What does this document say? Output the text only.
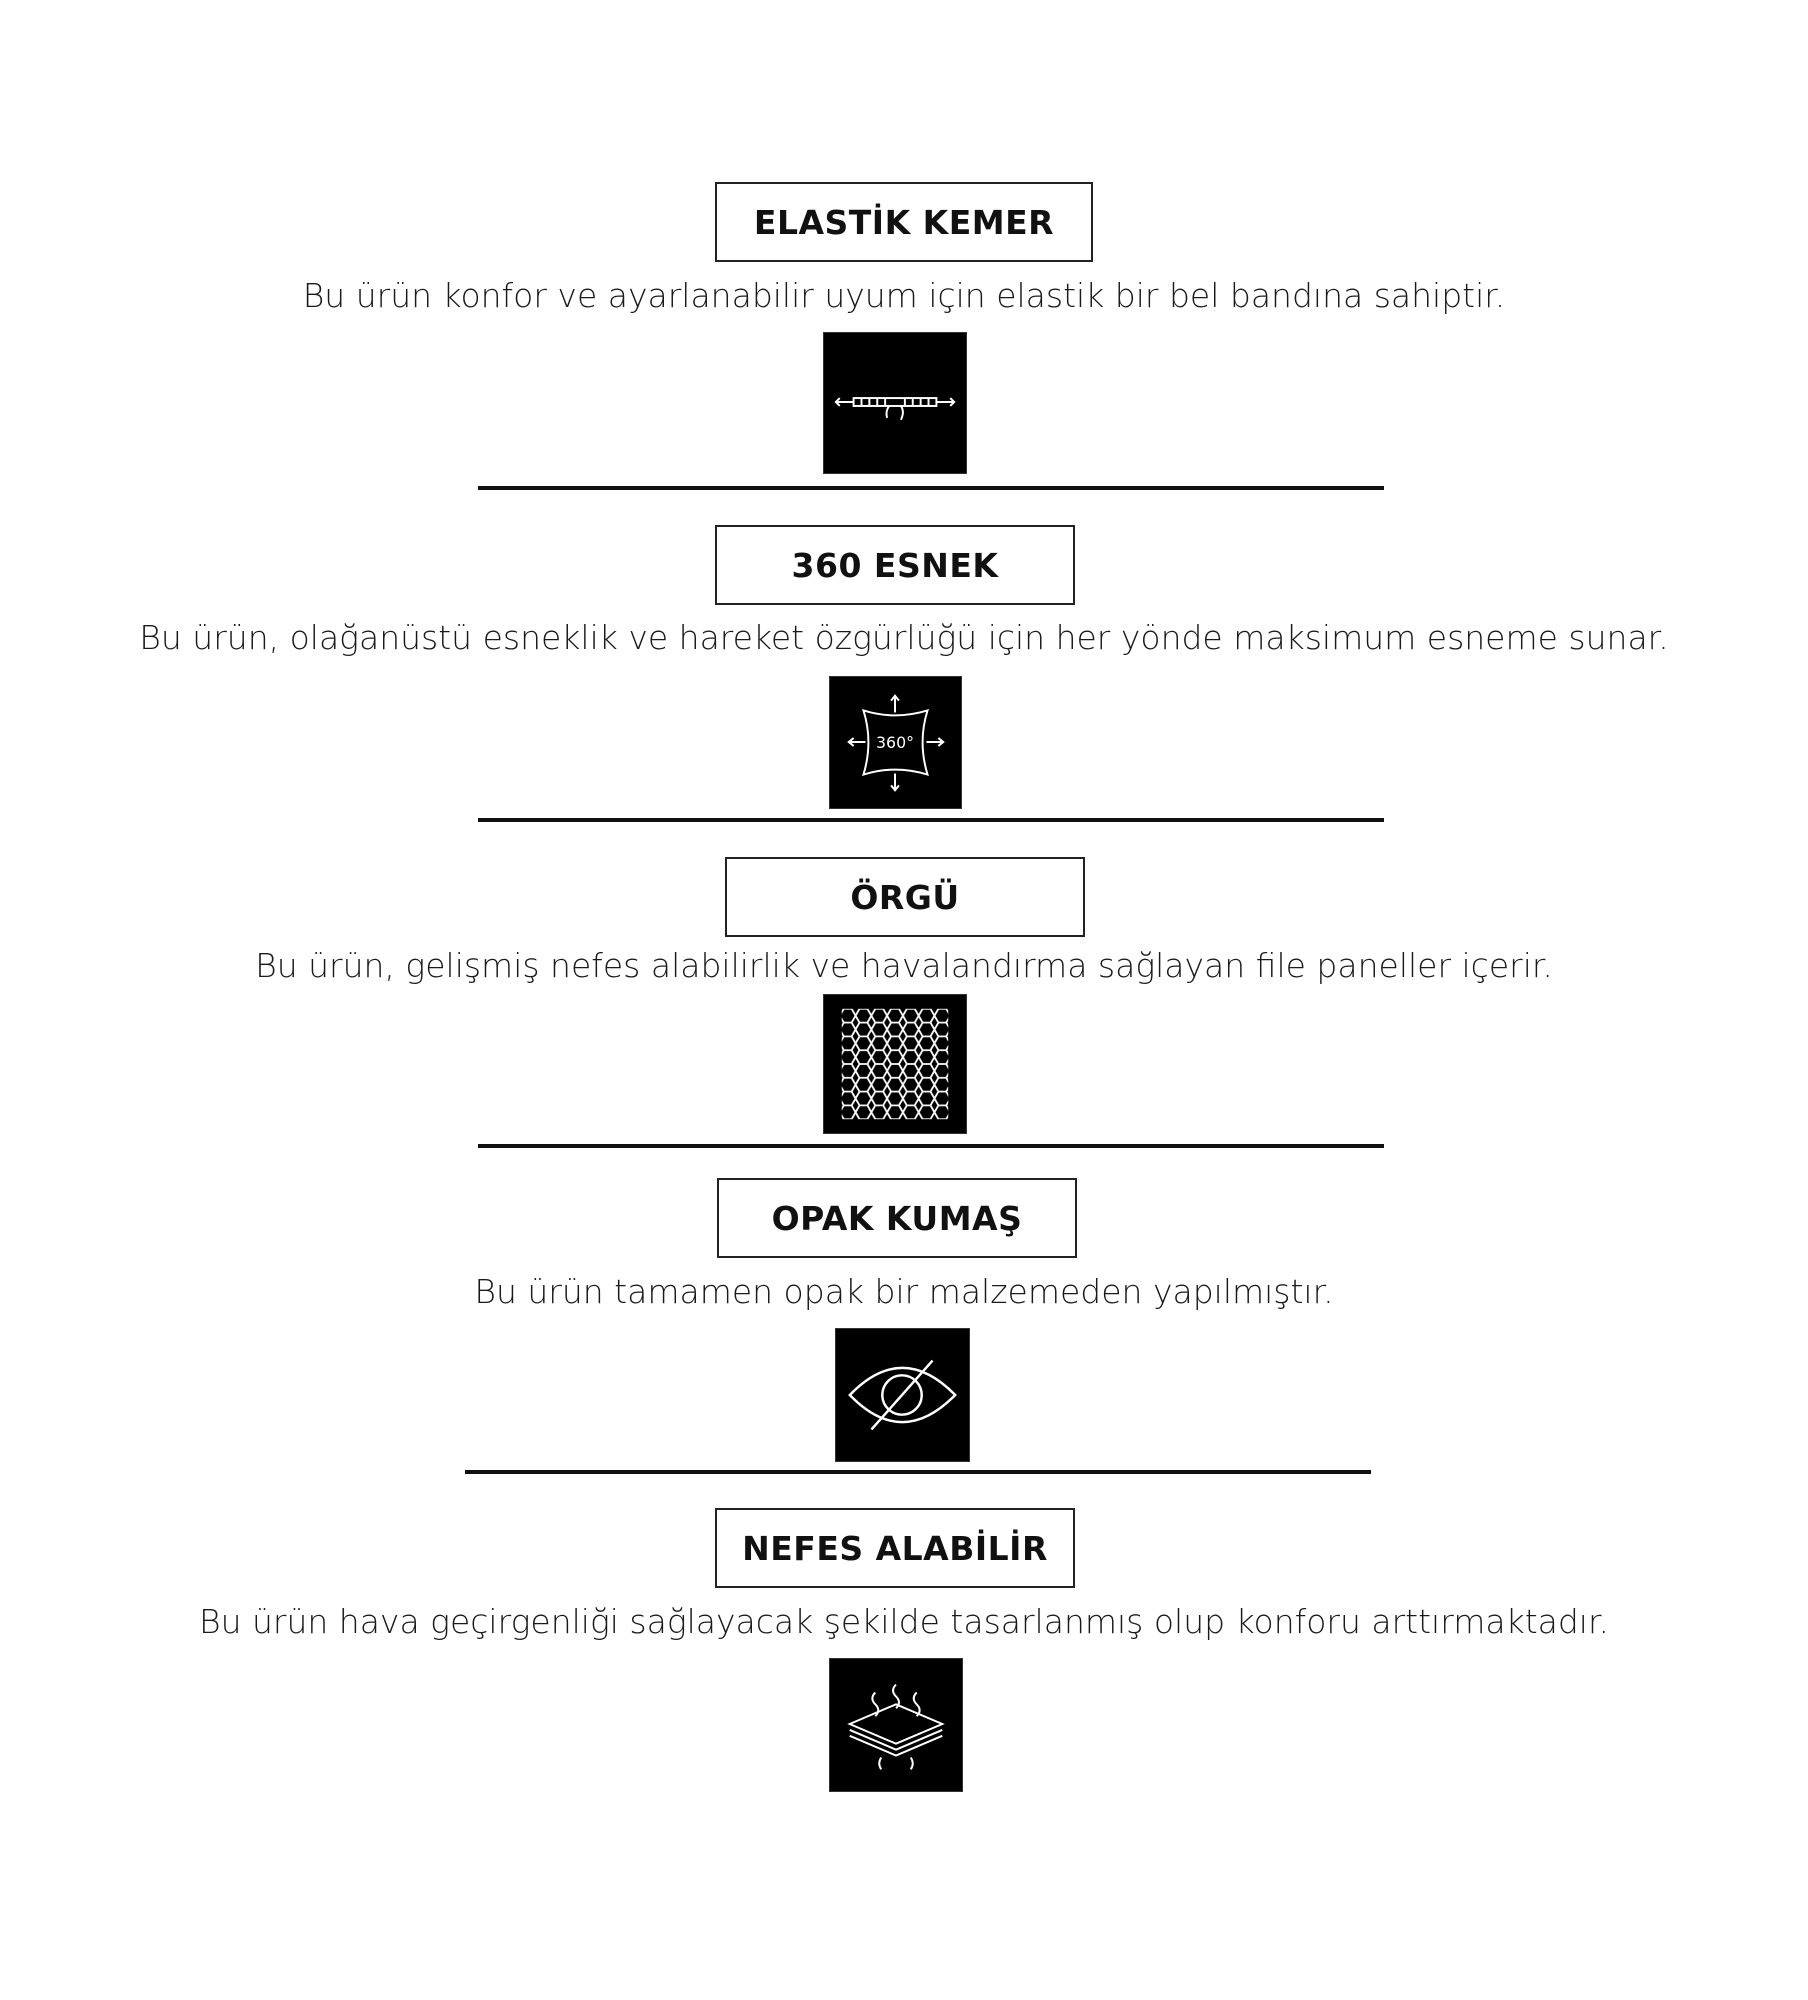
ELASTİK KEMER
Bu ürün konfor ve ayarlanabilir uyum için elastik bir bel bandına sahiptir.
360 ESNEK
Bu ürün, olağanüstü esneklik ve hareket özgürlüğü için her yönde maksimum esneme sunar.
360°
ÖRGÜ
Bu ürün, gelişmiş nefes alabilirlik ve havalandırma sağlayan file paneller içerir.
OPAK KUMAŞ
Bu ürün tamamen opak bir malzemeden yapılmıştır.
NEFES ALABİLİR
Bu ürün hava geçirgenliği sağlayacak şekilde tasarlanmış olup konforu arttırmaktadır.
